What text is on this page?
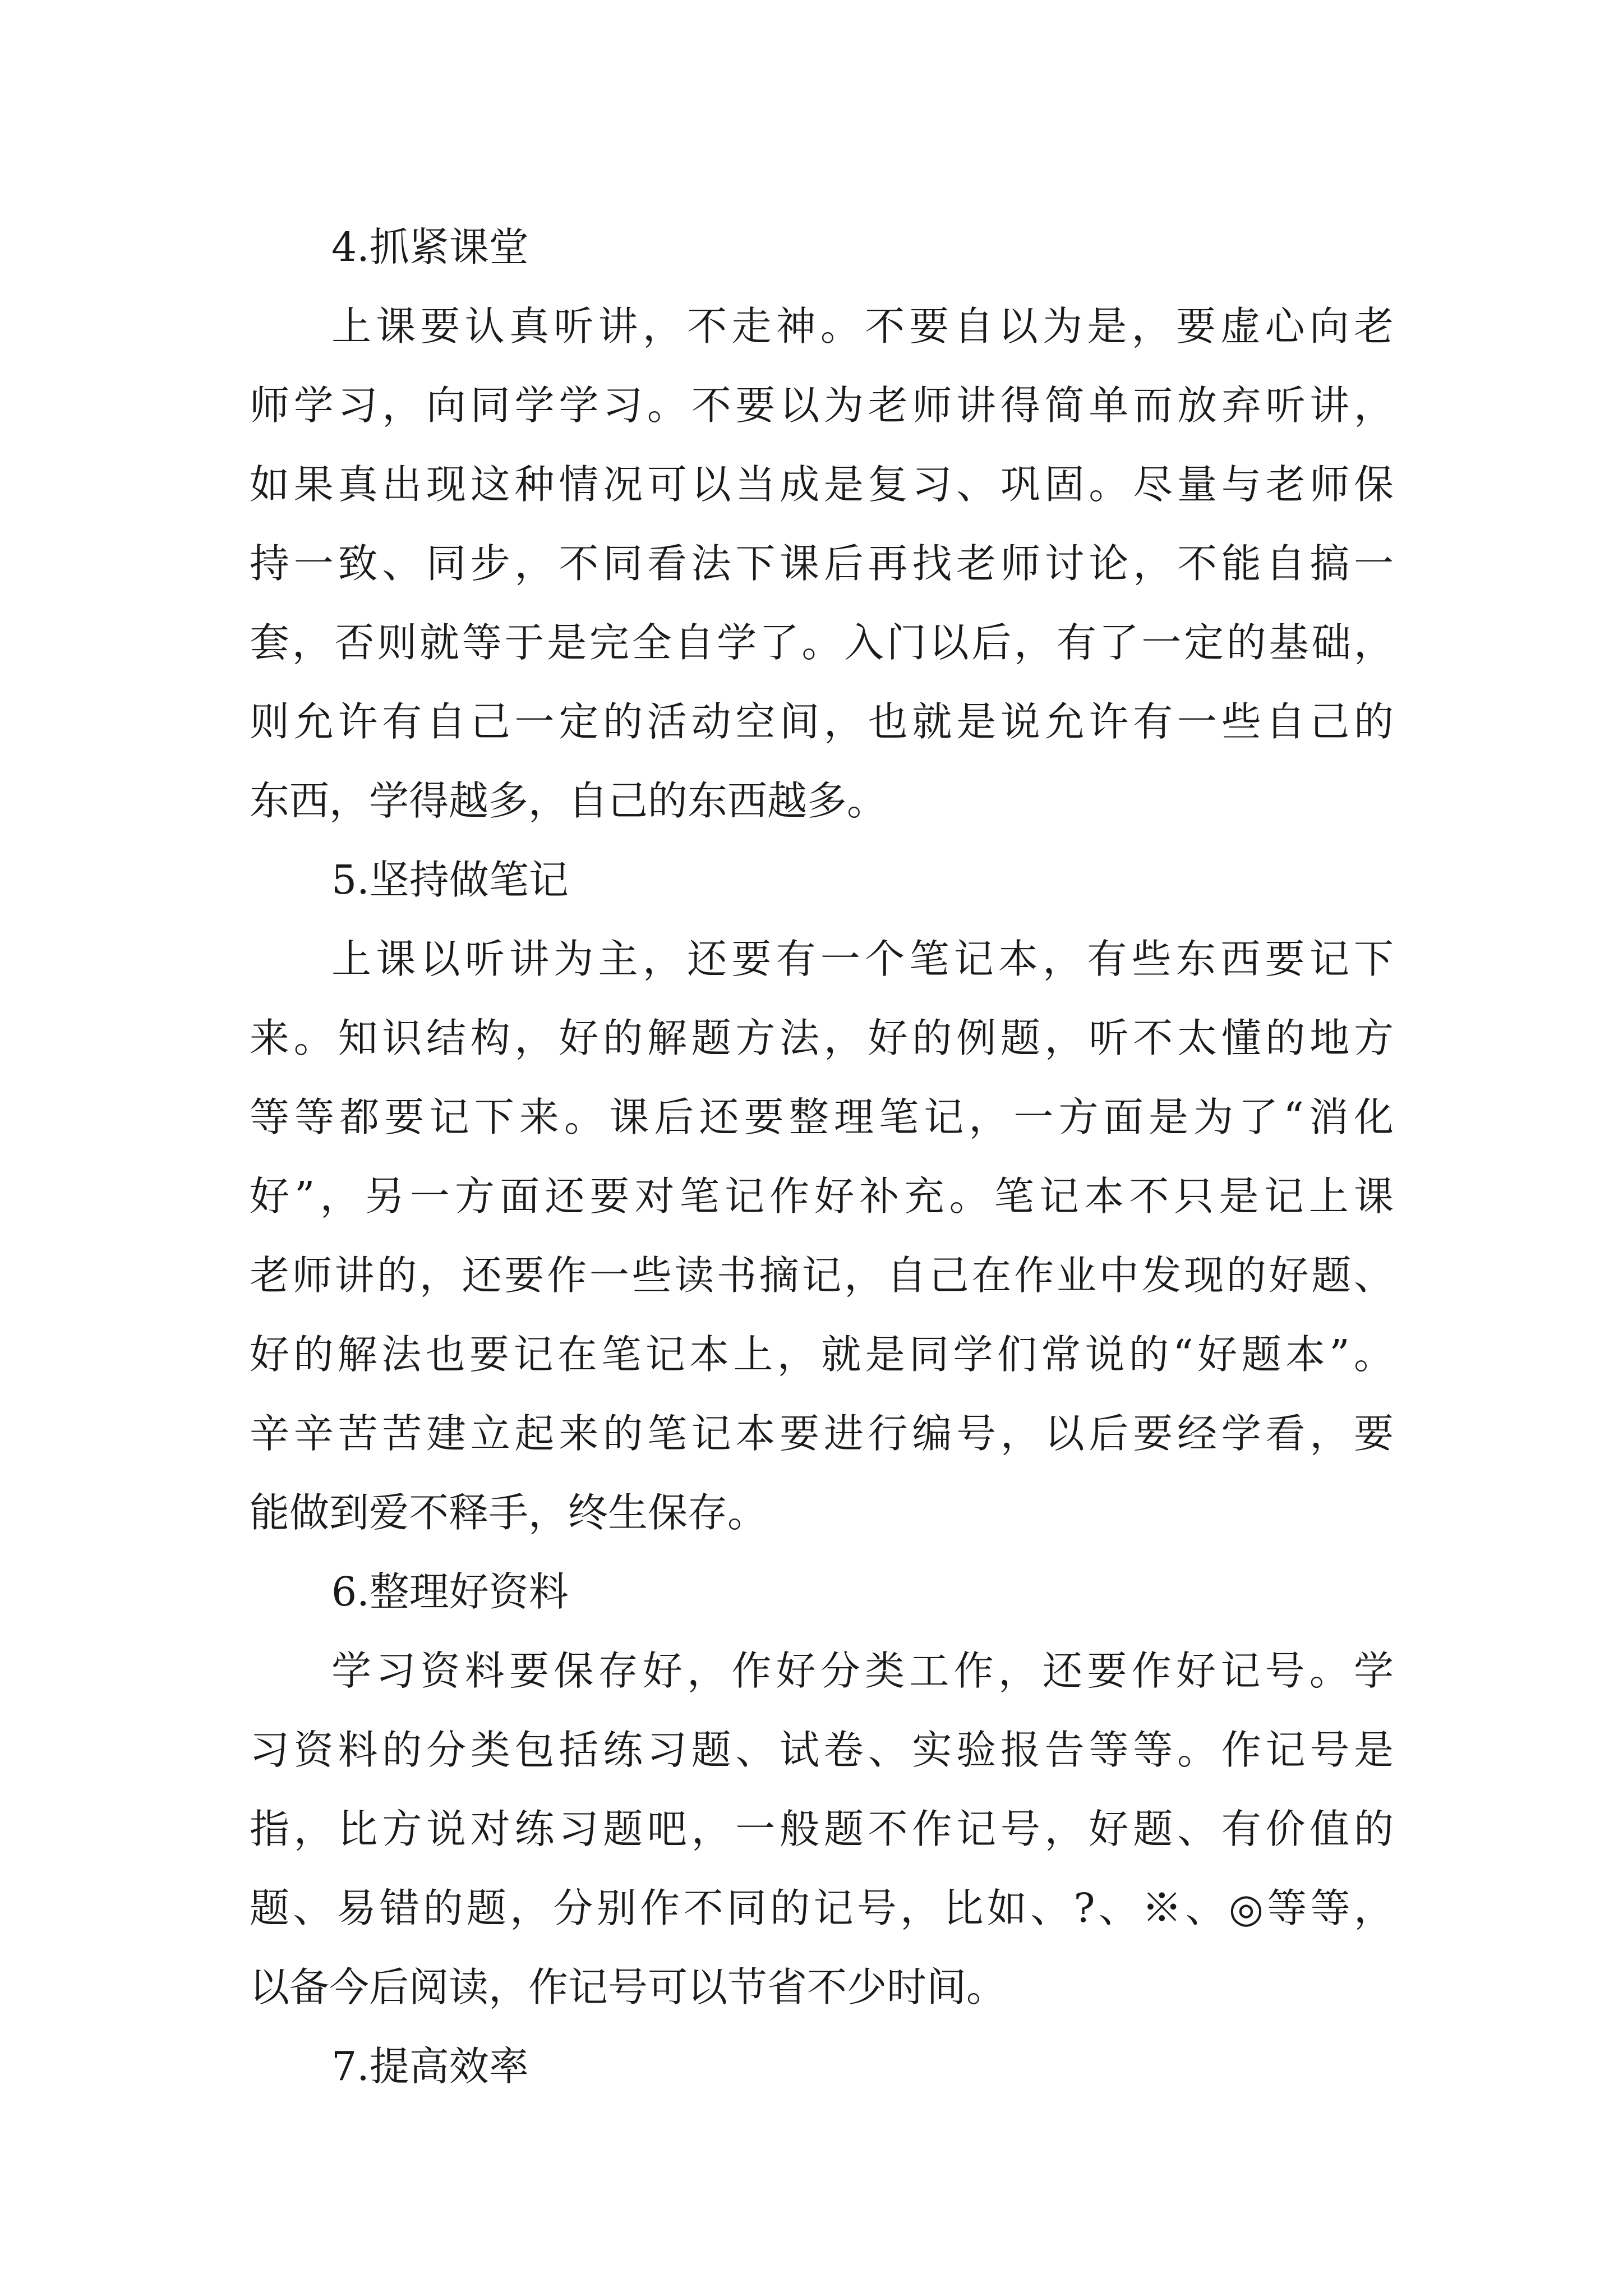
4.抓紧课堂
上课要认真听讲，不走神。不要自以为是，要虚心向老
师学习，向同学学习。不要以为老师讲得简单而放弃听讲，
如果真出现这种情况可以当成是复习、巩固。尽量与老师保
持一致、同步，不同看法下课后再找老师讨论，不能自搞一
套，否则就等于是完全自学了。入门以后，有了一定的基础，
则允许有自己一定的活动空间，也就是说允许有一些自己的
东西，学得越多，自己的东西越多。
5.坚持做笔记
上课以听讲为主，还要有一个笔记本，有些东西要记下
来。知识结构，好的解题方法，好的例题，听不太懂的地方
等等都要记下来。课后还要整理笔记，一方面是为了“消化
好”，另一方面还要对笔记作好补充。笔记本不只是记上课
老师讲的，还要作一些读书摘记，自己在作业中发现的好题、
好的解法也要记在笔记本上，就是同学们常说的“好题本”。
辛辛苦苦建立起来的笔记本要进行编号，以后要经学看，要
能做到爱不释手，终生保存。
6.整理好资料
学习资料要保存好，作好分类工作，还要作好记号。学
习资料的分类包括练习题、试卷、实验报告等等。作记号是
指，比方说对练习题吧，一般题不作记号，好题、有价值的
题、易错的题，分别作不同的记号，比如、?、※、◎等等，
以备今后阅读，作记号可以节省不少时间。
7.提高效率
